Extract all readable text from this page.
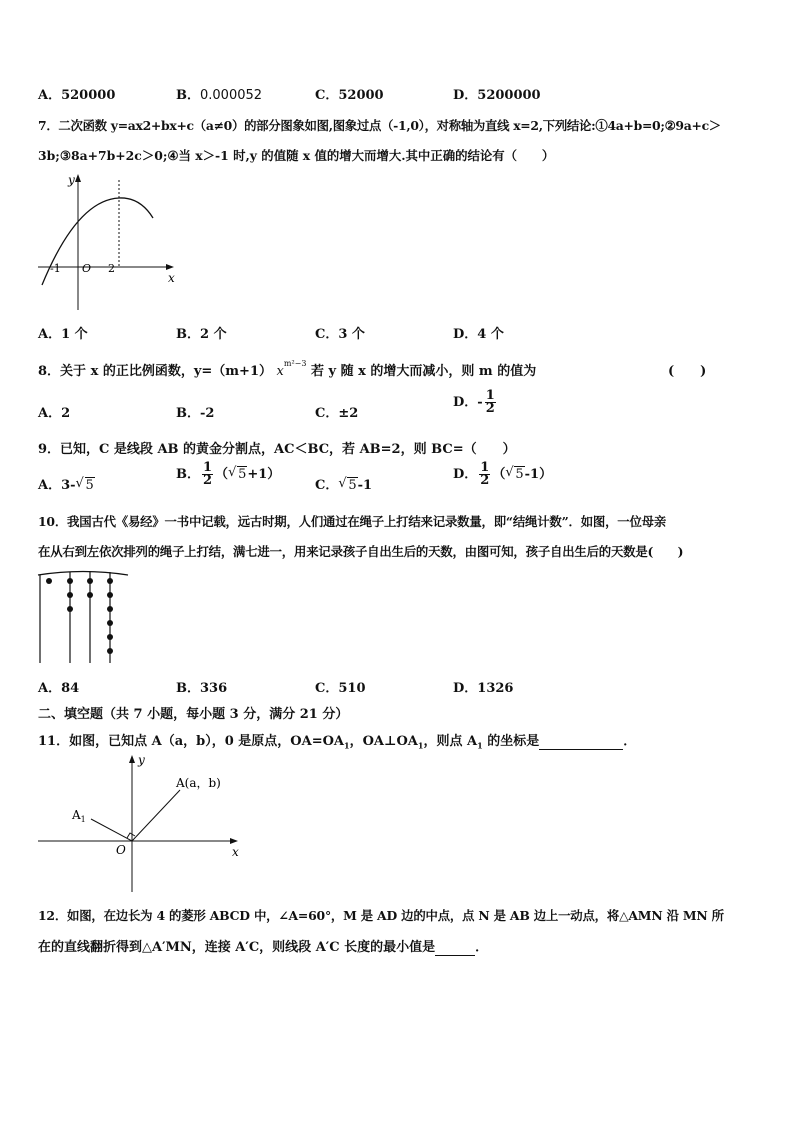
A．520000	B．0.000052	C．52000	D．5200000
7．二次函数 y=ax2+bx+c（a≠0）的部分图象如图,图象过点（-1,0），对称轴为直线 x=2,下列结论:①4a+b=0;②9a+c＞
3b;③8a+7b+2c＞0;④当 x＞-1 时,y 的值随 x 值的增大而增大.其中正确的结论有（　　）
y
x
-1 O 2
A．1 个	B．2 个	C．3 个	D．4 个
8．关于 x 的正比例函数，y=（m+1） $x^{m^2-3}$ 若 y 随 x 的增大而减小，则 m 的值为	(　　)
A．2	B．-2	C．±2
D．- $\frac{1}{2}$
9．已知，C 是线段 AB 的黄金分割点，AC＜BC，若 AB=2，则 BC=（　　）
A．3- √ 5
B． $\frac{1}{2}$ （ √ 5+1）
C． √ 5-1
D． $\frac{1}{2}$ （ √ 5-1）
10．我国古代《易经》一书中记载，远古时期，人们通过在绳子上打结来记录数量，即“结绳计数”．如图，一位母亲
在从右到左依次排列的绳子上打结，满七进一，用来记录孩子自出生后的天数，由图可知，孩子自出生后的天数是(　　)
A．84	B．336	C．510	D．1326
二、填空题（共 7 小题，每小题 3 分，满分 21 分）
11．如图，已知点 A（a，b），0 是原点，$OA=OA_1$，$OA\perp OA_1$，则点 $A_1$ 的坐标是	．
y
x
O
A(a，b)
$A_1$
12．如图，在边长为 4 的菱形 ABCD 中，∠A=60°，M 是 AD 边的中点，点 N 是 AB 边上一动点，将△AMN 沿 MN 所
在的直线翻折得到△A′MN，连接 A′C，则线段 A′C 长度的最小值是	．
